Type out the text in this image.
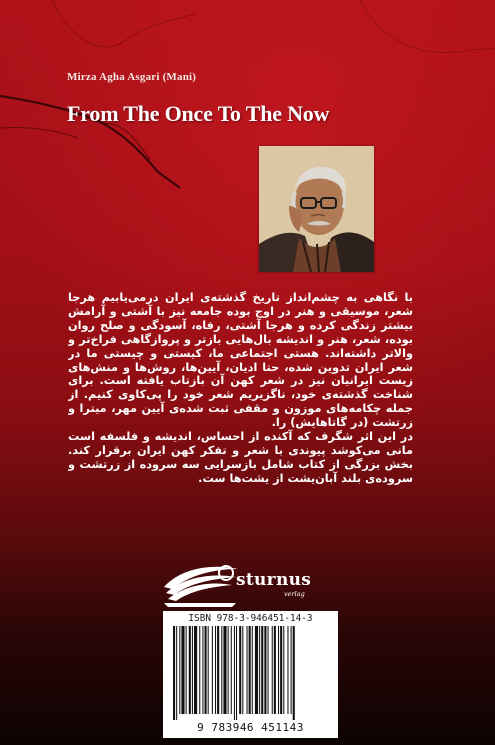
Mirza Agha Asgari (Mani)

From The Once To The Now

با نگاهی به چشم‌انداز تاریخ گذشته‌ی ایران درمی‌یابیم هرجا شعر، موسیقی و هنر در اوج بوده جامعه نیز با آشتی و آرامش بیشتر زندگی کرده و هرجا آشتی، رفاه، آسودگی و صلح روان بوده، شعر، هنر و اندیشه بال‌هایی بازتر و پروازگاهی فراخ‌تر و والاتر داشته‌اند. هستی اجتماعی ما، کیستی و چیستی ما در شعر ایران تدوین شده، حتا ادیان، آیین‌ها، روش‌ها و منش‌های زیست ایرانیان نیز در شعر کهن آن بازتاب یافته است. برای شناخت گذشته‌ی خود، ناگزیریم شعر خود را پی‌کاوی کنیم. از جمله چکامه‌های موزون و مقفی ثبت شده‌ی آیین مهر، میترا و زرتشت (در گاتاهایش) را.

در این اثر شگرف که آکنده از احساس، اندیشه و فلسفه است مانی می‌کوشد پیوندی با شعر و تفکر کهن ایران برقرار کند. بخش بزرگی از کتاب شامل بازسرایی سه سروده از زرتشت و سروده‌ی بلند آبان‌یشت از یشت‌ها ست.

sturnus
verlag
ISBN 978-3-946451-14-3
9 783946 451143
